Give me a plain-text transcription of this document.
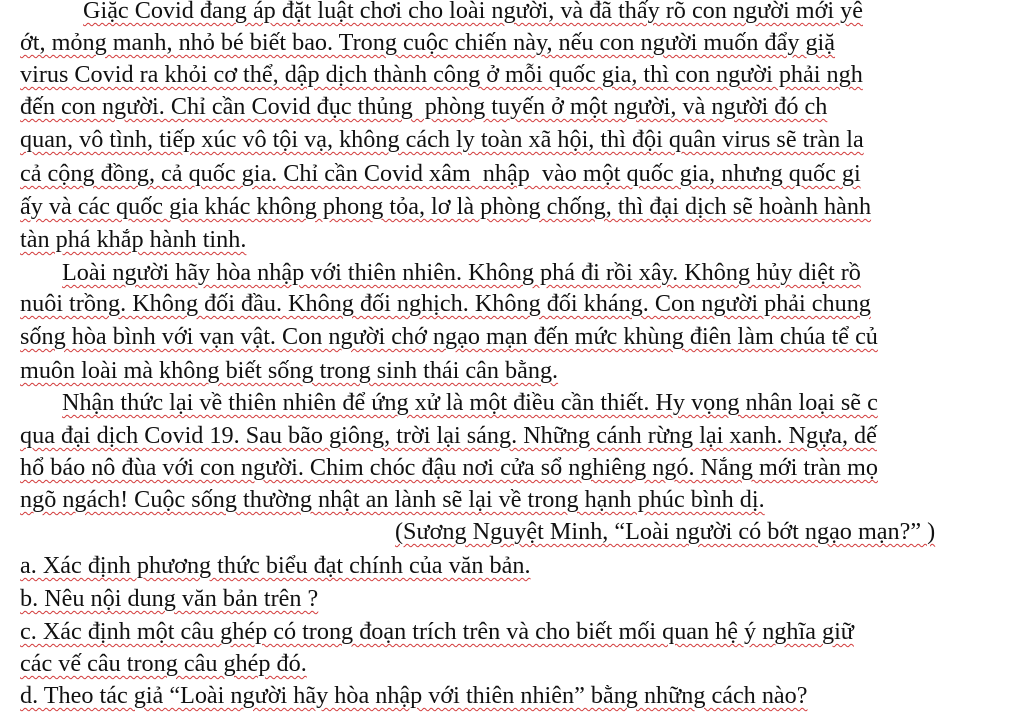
Giặc Covid đang áp đặt luật chơi cho loài người, và đã thấy rõ con người mới yê
ớt, mỏng manh, nhỏ bé biết bao. Trong cuộc chiến này, nếu con người muốn đẩy giặ
virus Covid ra khỏi cơ thể, dập dịch thành công ở mỗi quốc gia, thì con người phải ngh
đến con người. Chỉ cần Covid đục thủng  phòng tuyến ở một người, và người đó ch
quan, vô tình, tiếp xúc vô tội vạ, không cách ly toàn xã hội, thì đội quân virus sẽ tràn la
cả cộng đồng, cả quốc gia. Chỉ cần Covid xâm  nhập  vào một quốc gia, nhưng quốc gi
ấy và các quốc gia khác không phong tỏa, lơ là phòng chống, thì đại dịch sẽ hoành hành
tàn phá khắp hành tinh.
Loài người hãy hòa nhập với thiên nhiên. Không phá đi rồi xây. Không hủy diệt rồ
nuôi trồng. Không đối đầu. Không đối nghịch. Không đối kháng. Con người phải chung
sống hòa bình với vạn vật. Con người chớ ngạo mạn đến mức khùng điên làm chúa tể củ
muôn loài mà không biết sống trong sinh thái cân bằng.
Nhận thức lại về thiên nhiên để ứng xử là một điều cần thiết. Hy vọng nhân loại sẽ c
qua đại dịch Covid 19. Sau bão giông, trời lại sáng. Những cánh rừng lại xanh. Ngựa, dế
hổ báo nô đùa với con người. Chim chóc đậu nơi cửa sổ nghiêng ngó. Nắng mới tràn mọ
ngõ ngách! Cuộc sống thường nhật an lành sẽ lại về trong hạnh phúc bình dị.
(Sương Nguyệt Minh, “Loài người có bớt ngạo mạn?” )
a. Xác định phương thức biểu đạt chính của văn bản.
b. Nêu nội dung văn bản trên ?
c. Xác định một câu ghép có trong đoạn trích trên và cho biết mối quan hệ ý nghĩa giữ
các vế câu trong câu ghép đó.
d. Theo tác giả “Loài người hãy hòa nhập với thiên nhiên” bằng những cách nào?
